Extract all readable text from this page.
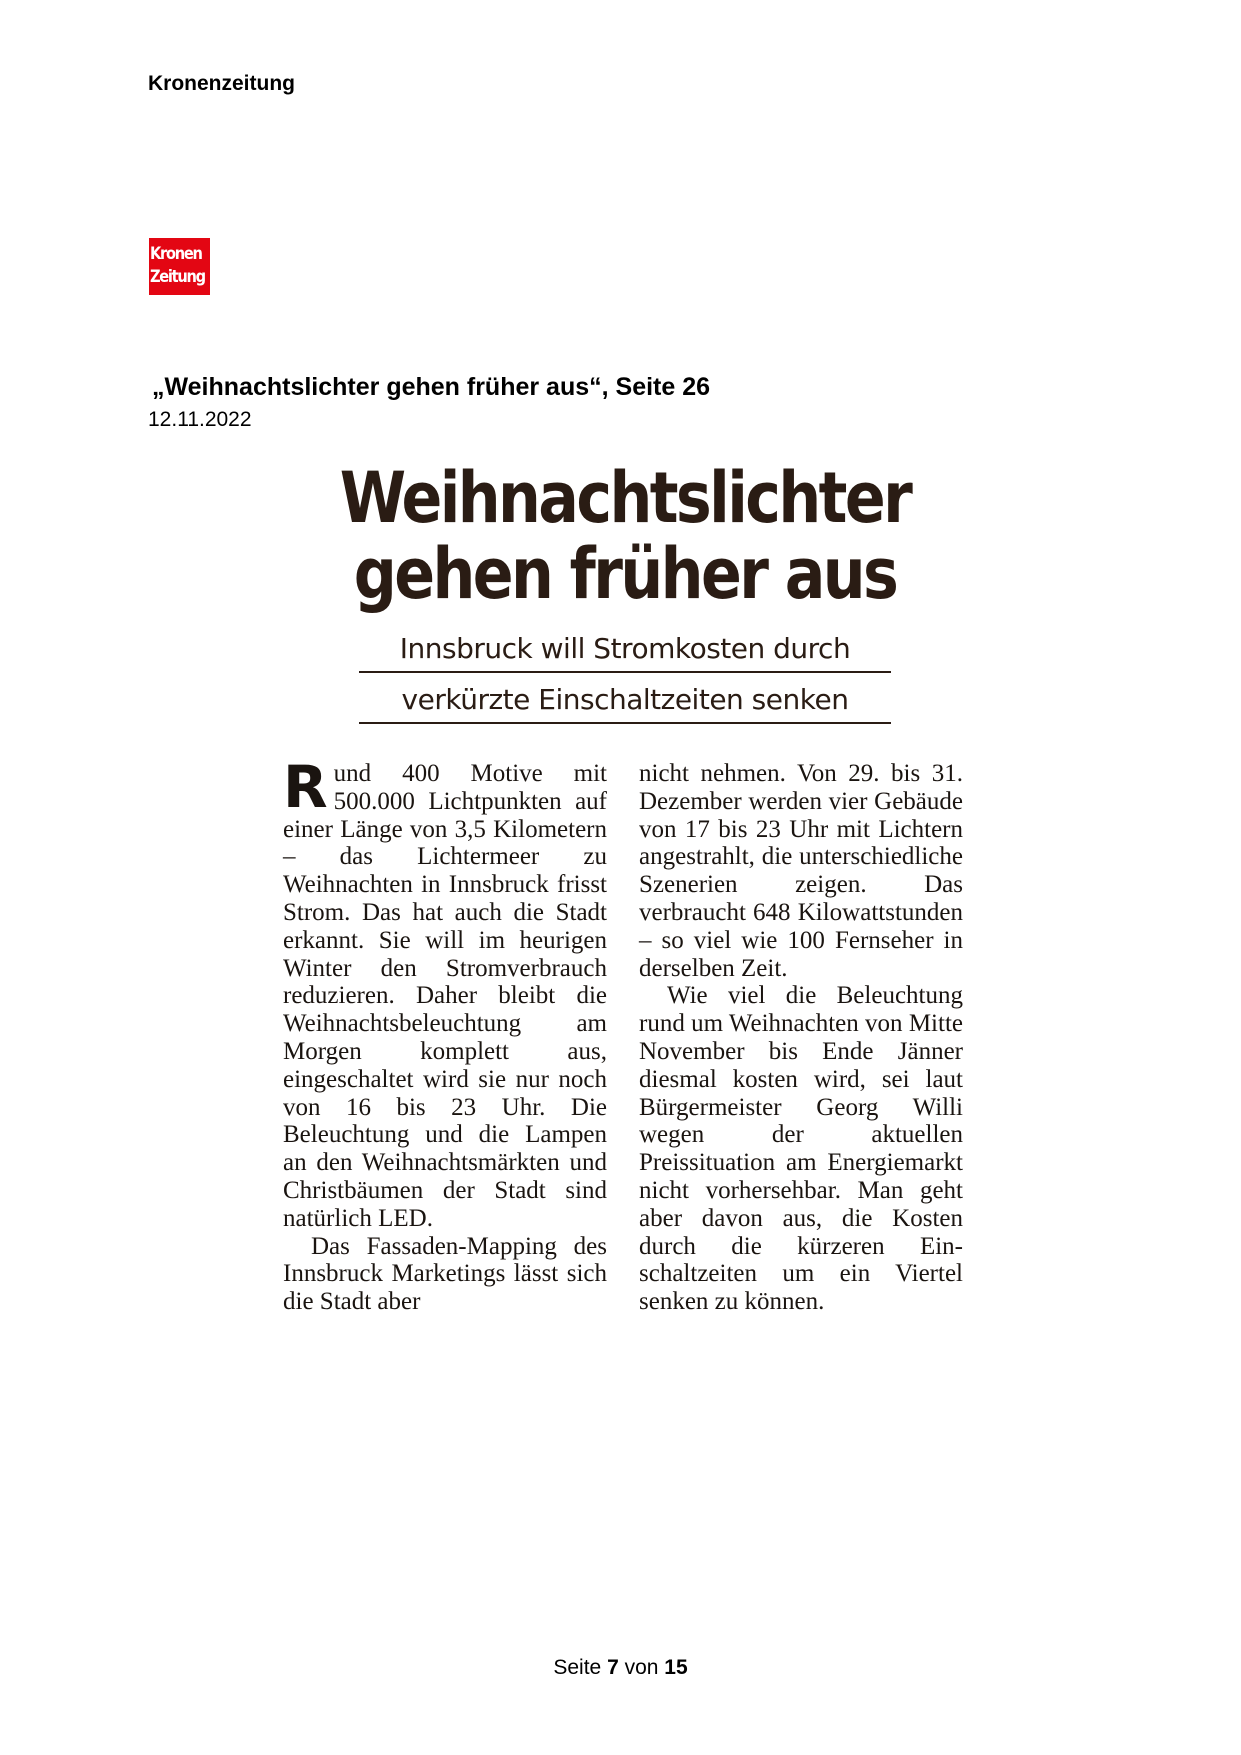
Kronenzeitung
Kronen
Zeitung
„Weihnachtslichter gehen früher aus“, Seite 26
12.11.2022
Weihnachtslichter
gehen früher aus
Innsbruck will Stromkosten durch
verkürzte Einschaltzeiten senken

Rund 400 Motive mit 500.000 Lichtpunkten auf einer Länge von 3,5 Kilometern – das Lichtermeer zu Weihnachten in Innsbruck frisst Strom. Das hat auch die Stadt erkannt. Sie will im heurigen Winter den Stromverbrauch reduzieren. Daher bleibt die Weihnachtsbeleuchtung am Morgen komplett aus, eingeschaltet wird sie nur noch von 16 bis 23 Uhr. Die Beleuchtung und die Lampen an den Weihnachtsmärkten und Christbäumen der Stadt sind natürlich LED.

Das Fassaden-Mapping des Innsbruck Marketings lässt sich die Stadt aber

nicht nehmen. Von 29. bis 31. Dezember werden vier Gebäude von 17 bis 23 Uhr mit Lichtern angestrahlt, die unterschiedliche Szenerien zeigen. Das verbraucht 648 Kilowattstunden – so viel wie 100 Fernseher in derselben Zeit.

Wie viel die Beleuchtung rund um Weihnachten von Mitte November bis Ende Jänner diesmal kosten wird, sei laut Bürgermeister Georg Willi wegen der aktuellen Preissituation am Energiemarkt nicht vorhersehbar. Man geht aber davon aus, die Kosten durch die kürzeren Einschaltzeiten um ein Viertel senken zu können.

Seite 7 von 15
